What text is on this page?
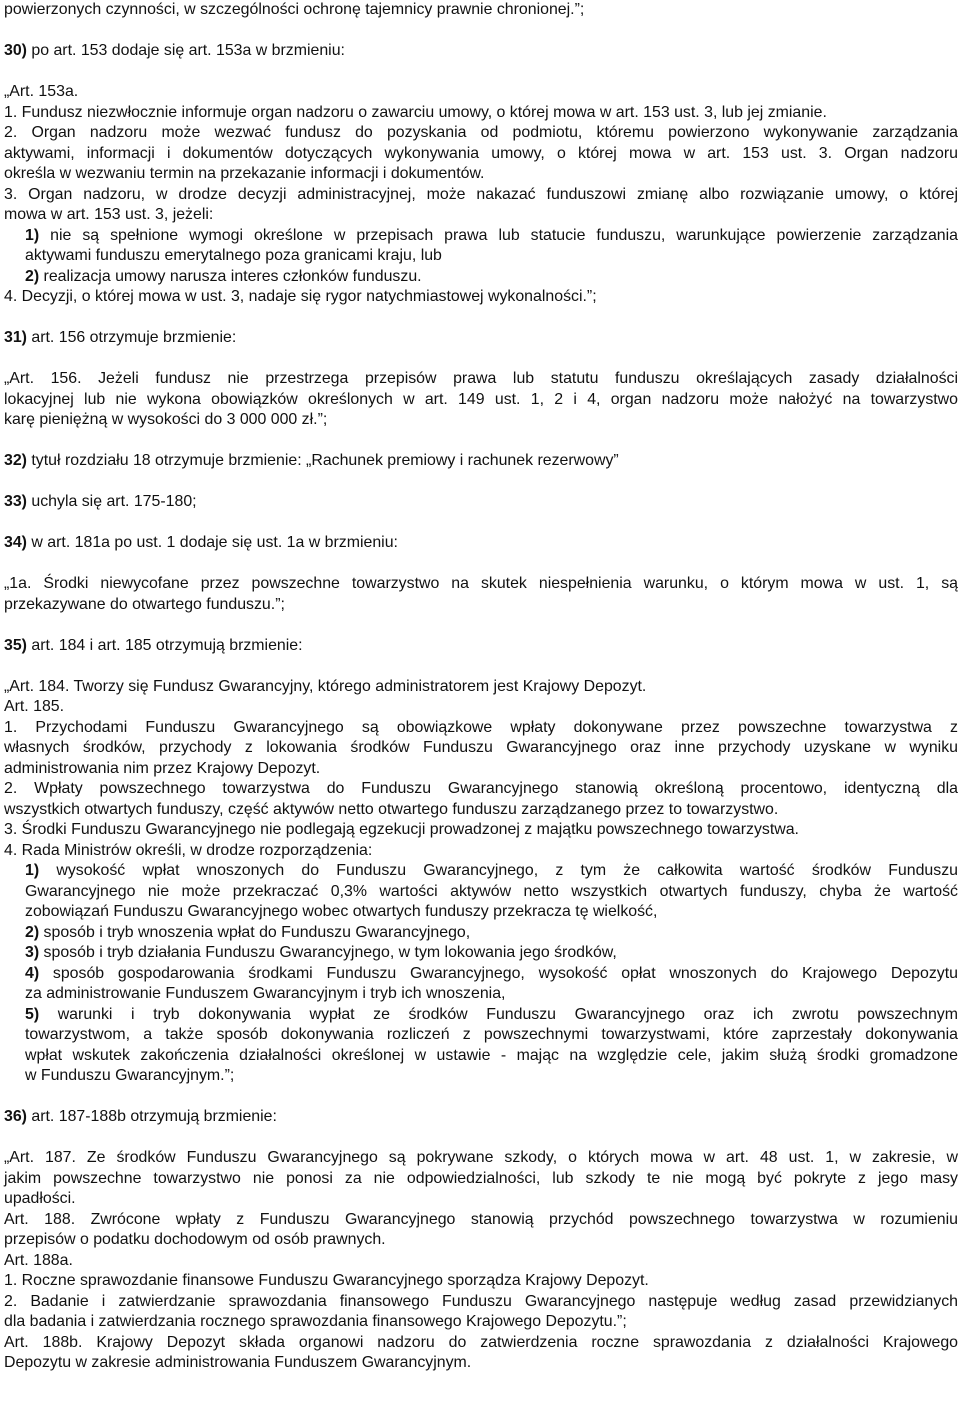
powierzonych czynności, w szczególności ochronę tajemnicy prawnie chronionej.”;
30) po art. 153 dodaje się art. 153a w brzmieniu:
„Art. 153a.
1. Fundusz niezwłocznie informuje organ nadzoru o zawarciu umowy, o której mowa w art. 153 ust. 3, lub jej zmianie.
2. Organ nadzoru może wezwać fundusz do pozyskania od podmiotu, któremu powierzono wykonywanie zarządzania
aktywami, informacji i dokumentów dotyczących wykonywania umowy, o której mowa w art. 153 ust. 3. Organ nadzoru
określa w wezwaniu termin na przekazanie informacji i dokumentów.
3. Organ nadzoru, w drodze decyzji administracyjnej, może nakazać funduszowi zmianę albo rozwiązanie umowy, o której
mowa w art. 153 ust. 3, jeżeli:
1) nie są spełnione wymogi określone w przepisach prawa lub statucie funduszu, warunkujące powierzenie zarządzania
aktywami funduszu emerytalnego poza granicami kraju, lub
2) realizacja umowy narusza interes członków funduszu.
4. Decyzji, o której mowa w ust. 3, nadaje się rygor natychmiastowej wykonalności.”;
31) art. 156 otrzymuje brzmienie:
„Art. 156. Jeżeli fundusz nie przestrzega przepisów prawa lub statutu funduszu określających zasady działalności
lokacyjnej lub nie wykona obowiązków określonych w art. 149 ust. 1, 2 i 4, organ nadzoru może nałożyć na towarzystwo
karę pieniężną w wysokości do 3 000 000 zł.”;
32) tytuł rozdziału 18 otrzymuje brzmienie: „Rachunek premiowy i rachunek rezerwowy”
33) uchyla się art. 175-180;
34) w art. 181a po ust. 1 dodaje się ust. 1a w brzmieniu:
„1a. Środki niewycofane przez powszechne towarzystwo na skutek niespełnienia warunku, o którym mowa w ust. 1, są
przekazywane do otwartego funduszu.”;
35) art. 184 i art. 185 otrzymują brzmienie:
„Art. 184. Tworzy się Fundusz Gwarancyjny, którego administratorem jest Krajowy Depozyt.
Art. 185.
1. Przychodami Funduszu Gwarancyjnego są obowiązkowe wpłaty dokonywane przez powszechne towarzystwa z
własnych środków, przychody z lokowania środków Funduszu Gwarancyjnego oraz inne przychody uzyskane w wyniku
administrowania nim przez Krajowy Depozyt.
2. Wpłaty powszechnego towarzystwa do Funduszu Gwarancyjnego stanowią określoną procentowo, identyczną dla
wszystkich otwartych funduszy, część aktywów netto otwartego funduszu zarządzanego przez to towarzystwo.
3. Środki Funduszu Gwarancyjnego nie podlegają egzekucji prowadzonej z majątku powszechnego towarzystwa.
4. Rada Ministrów określi, w drodze rozporządzenia:
1) wysokość wpłat wnoszonych do Funduszu Gwarancyjnego, z tym że całkowita wartość środków Funduszu
Gwarancyjnego nie może przekraczać 0,3% wartości aktywów netto wszystkich otwartych funduszy, chyba że wartość
zobowiązań Funduszu Gwarancyjnego wobec otwartych funduszy przekracza tę wielkość,
2) sposób i tryb wnoszenia wpłat do Funduszu Gwarancyjnego,
3) sposób i tryb działania Funduszu Gwarancyjnego, w tym lokowania jego środków,
4) sposób gospodarowania środkami Funduszu Gwarancyjnego, wysokość opłat wnoszonych do Krajowego Depozytu
za administrowanie Funduszem Gwarancyjnym i tryb ich wnoszenia,
5) warunki i tryb dokonywania wypłat ze środków Funduszu Gwarancyjnego oraz ich zwrotu powszechnym
towarzystwom, a także sposób dokonywania rozliczeń z powszechnymi towarzystwami, które zaprzestały dokonywania
wpłat wskutek zakończenia działalności określonej w ustawie - mając na względzie cele, jakim służą środki gromadzone
w Funduszu Gwarancyjnym.”;
36) art. 187-188b otrzymują brzmienie:
„Art. 187. Ze środków Funduszu Gwarancyjnego są pokrywane szkody, o których mowa w art. 48 ust. 1, w zakresie, w
jakim powszechne towarzystwo nie ponosi za nie odpowiedzialności, lub szkody te nie mogą być pokryte z jego masy
upadłości.
Art. 188. Zwrócone wpłaty z Funduszu Gwarancyjnego stanowią przychód powszechnego towarzystwa w rozumieniu
przepisów o podatku dochodowym od osób prawnych.
Art. 188a.
1. Roczne sprawozdanie finansowe Funduszu Gwarancyjnego sporządza Krajowy Depozyt.
2. Badanie i zatwierdzanie sprawozdania finansowego Funduszu Gwarancyjnego następuje według zasad przewidzianych
dla badania i zatwierdzania rocznego sprawozdania finansowego Krajowego Depozytu.”;
Art. 188b. Krajowy Depozyt składa organowi nadzoru do zatwierdzenia roczne sprawozdania z działalności Krajowego
Depozytu w zakresie administrowania Funduszem Gwarancyjnym.
